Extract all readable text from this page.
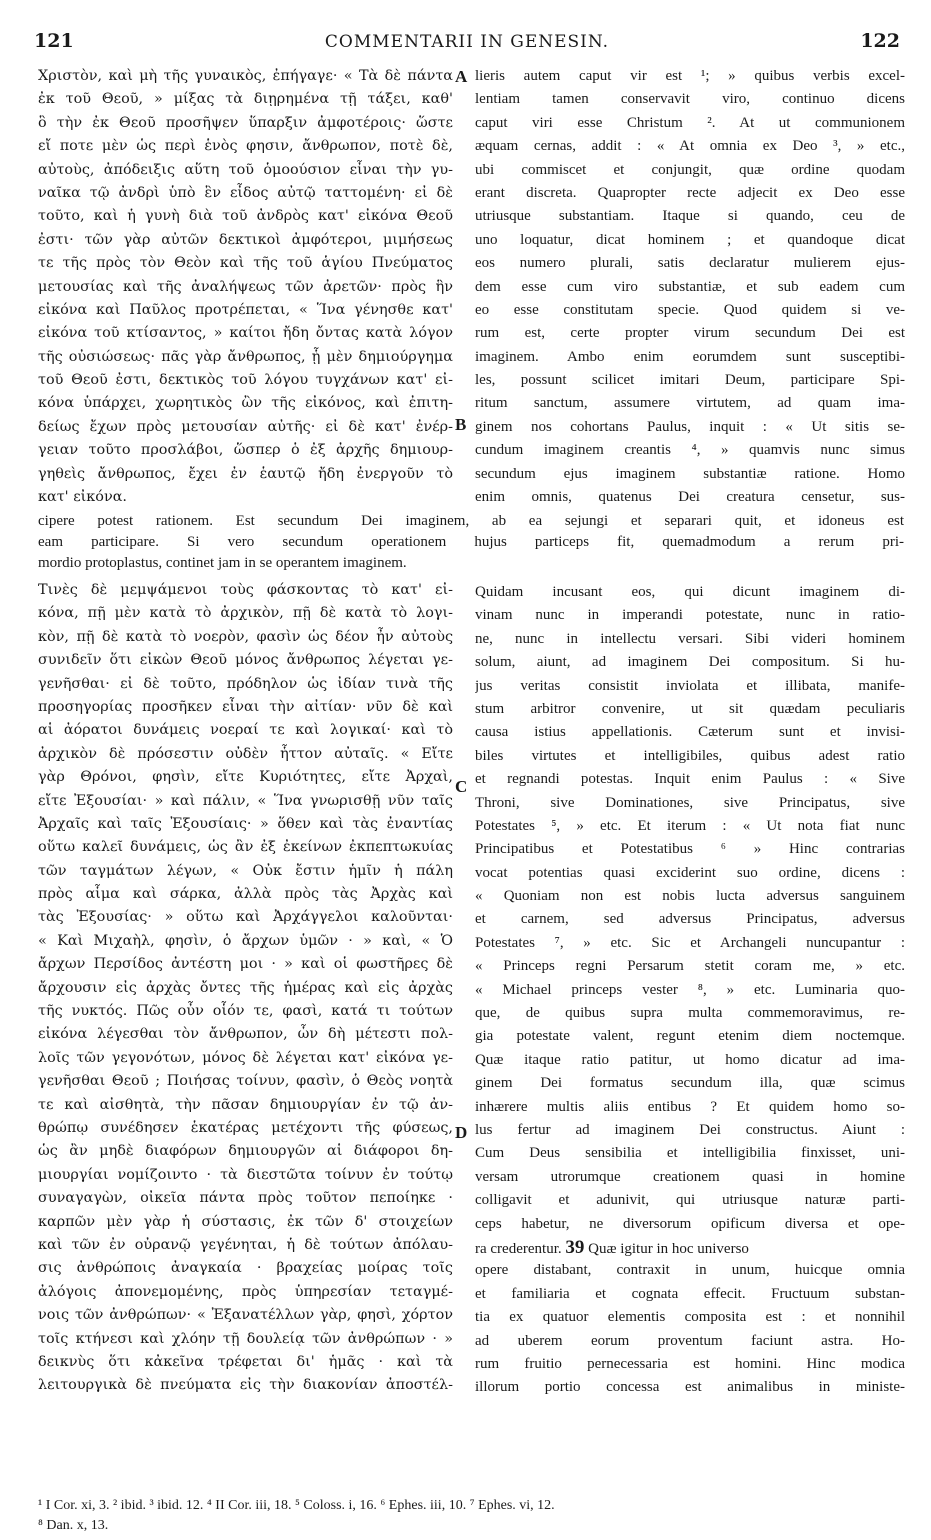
121	COMMENTARII IN GENESIN.	122
Χριστὸν, καὶ μὴ τῆς γυναικὸς, ἐπήγαγε· « Τὰ δὲ πάντα
ἐκ τοῦ Θεοῦ, » μίξας τὰ διῃρημένα τῇ τάξει, καθ'
ὃ τὴν ἐκ Θεοῦ προσῆψεν ὕπαρξιν ἀμφοτέροις· ὥστε
εἴ ποτε μὲν ὡς περὶ ἑνὸς φησιν, ἄνθρωπον, ποτὲ δὲ,
αὐτοὺς, ἀπόδειξις αὕτη τοῦ ὁμοούσιον εἶναι τὴν γυ-
ναῖκα τῷ ἀνδρὶ ὑπὸ ἓν εἶδος αὐτῷ ταττομένη· εἰ δὲ
τοῦτο, καὶ ἡ γυνὴ διὰ τοῦ ἀνδρὸς κατ' εἰκόνα Θεοῦ
ἐστι· τῶν γὰρ αὐτῶν δεκτικοὶ ἀμφότεροι, μιμήσεως
τε τῆς πρὸς τὸν Θεὸν καὶ τῆς τοῦ ἁγίου Πνεύματος
μετουσίας καὶ τῆς ἀναλήψεως τῶν ἀρετῶν· πρὸς ἣν
εἰκόνα καὶ Παῦλος προτρέπεται, « Ἵνα γένησθε κατ'
εἰκόνα τοῦ κτίσαντος, » καίτοι ἤδη ὄντας κατὰ λόγον
τῆς οὐσιώσεως· πᾶς γὰρ ἄνθρωπος, ᾗ μὲν δημιούργημα
τοῦ Θεοῦ ἐστι, δεκτικὸς τοῦ λόγου τυγχάνων κατ' εἰ-
κόνα ὑπάρχει, χωρητικὸς ὢν τῆς εἰκόνος, καὶ ἐπιτη-
δείως ἔχων πρὸς μετουσίαν αὐτῆς· εἰ δὲ κατ' ἐνέρ-
γειαν τοῦτο προσλάβοι, ὥσπερ ὁ ἐξ ἀρχῆς δημιουρ-
γηθεὶς ἄνθρωπος, ἔχει ἐν ἑαυτῷ ἤδη ἐνεργοῦν τὸ
κατ' εἰκόνα.
lieris autem caput vir est ¹; » quibus verbis excel-
lentiam tamen conservavit viro, continuo dicens
caput viri esse Christum ². At ut communionem
æquam cernas, addit : « At omnia ex Deo ³, » etc.,
ubi commiscet et conjungit, quæ ordine quodam
erant discreta. Quapropter recte adjecit ex Deo esse
utriusque substantiam. Itaque si quando, ceu de
uno loquatur, dicat hominem ; et quandoque dicat
eos numero plurali, satis declaratur mulierem ejus-
dem esse cum viro substantiæ, et sub eadem cum
eo esse constitutam specie. Quod quidem si ve-
rum est, certe propter virum secundum Dei est
imaginem. Ambo enim eorumdem sunt susceptibi-
les, possunt scilicet imitari Deum, participare Spi-
ritum sanctum, assumere virtutem, ad quam ima-
ginem nos cohortans Paulus, inquit : « Ut sitis se-
cundum imaginem creantis ⁴, » quamvis nunc simus
secundum ejus imaginem substantiæ ratione. Homo
enim omnis, quatenus Dei creatura censetur, sus-
A
B
C
D
cipere potest rationem. Est secundum Dei imaginem, ab ea sejungi et separari quit, et idoneus est
eam participare. Si vero secundum operationem hujus particeps fit, quemadmodum a rerum pri-
mordio protoplastus, continet jam in se operantem imaginem.
Τινὲς δὲ μεμψάμενοι τοὺς φάσκοντας τὸ κατ' εἰ-
κόνα, πῇ μὲν κατὰ τὸ ἀρχικὸν, πῇ δὲ κατὰ τὸ λογι-
κὸν, πῇ δὲ κατὰ τὸ νοερὸν, φασὶν ὡς δέον ἦν αὐτοὺς
συνιδεῖν ὅτι εἰκὼν Θεοῦ μόνος ἄνθρωπος λέγεται γε-
γενῆσθαι· εἰ δὲ τοῦτο, πρόδηλον ὡς ἰδίαν τινὰ τῆς
προσηγορίας προσῆκεν εἶναι τὴν αἰτίαν· νῦν δὲ καὶ
αἱ ἀόρατοι δυνάμεις νοεραί τε καὶ λογικαί· καὶ τὸ
ἀρχικὸν δὲ πρόσεστιν οὐδὲν ἧττον αὐταῖς. « Εἴτε
γὰρ Θρόνοι, φησὶν, εἴτε Κυριότητες, εἴτε Ἀρχαὶ,
εἴτε Ἐξουσίαι· » καὶ πάλιν, « Ἵνα γνωρισθῇ νῦν ταῖς
Ἀρχαῖς καὶ ταῖς Ἐξουσίαις· » ὅθεν καὶ τὰς ἐναντίας
οὕτω καλεῖ δυνάμεις, ὡς ἂν ἐξ ἐκείνων ἐκπεπτωκυίας
τῶν ταγμάτων λέγων, « Οὐκ ἔστιν ἡμῖν ἡ πάλη
πρὸς αἷμα καὶ σάρκα, ἀλλὰ πρὸς τὰς Ἀρχὰς καὶ
τὰς Ἐξουσίας· » οὕτω καὶ Ἀρχάγγελοι καλοῦνται·
« Καὶ Μιχαὴλ, φησὶν, ὁ ἄρχων ὑμῶν · » καὶ, « Ὁ
ἄρχων Περσίδος ἀντέστη μοι · » καὶ οἱ φωστῆρες δὲ
ἄρχουσιν εἰς ἀρχὰς ὄντες τῆς ἡμέρας καὶ εἰς ἀρχὰς
τῆς νυκτός. Πῶς οὖν οἷόν τε, φασὶ, κατά τι τούτων
εἰκόνα λέγεσθαι τὸν ἄνθρωπον, ὧν δὴ μέτεστι πολ-
λοῖς τῶν γεγονότων, μόνος δὲ λέγεται κατ' εἰκόνα γε-
γενῆσθαι Θεοῦ ; Ποιήσας τοίνυν, φασὶν, ὁ Θεὸς νοητὰ
τε καὶ αἰσθητὰ, τὴν πᾶσαν δημιουργίαν ἐν τῷ ἀν-
θρώπῳ συνέδησεν ἑκατέρας μετέχοντι τῆς φύσεως,
ὡς ἂν μηδὲ διαφόρων δημιουργῶν αἱ διάφοροι δη-
μιουργίαι νομίζοιντο · τὰ διεστῶτα τοίνυν ἐν τούτῳ
συναγαγὼν, οἰκεῖα πάντα πρὸς τοῦτον πεποίηκε ·
καρπῶν μὲν γὰρ ἡ σύστασις, ἐκ τῶν δ' στοιχείων
καὶ τῶν ἐν οὐρανῷ γεγένηται, ἡ δὲ τούτων ἀπόλαυ-
σις ἀνθρώποις ἀναγκαία · βραχείας μοίρας τοῖς
ἀλόγοις ἀπονεμομένης, πρὸς ὑπηρεσίαν τεταγμέ-
νοις τῶν ἀνθρώπων· « Ἐξανατέλλων γὰρ, φησὶ, χόρτον
τοῖς κτήνεσι καὶ χλόην τῇ δουλείᾳ τῶν ἀνθρώπων · »
δεικνὺς ὅτι κἀκεῖνα τρέφεται δι' ἡμᾶς · καὶ τὰ
λειτουργικὰ δὲ πνεύματα εἰς τὴν διακονίαν ἀποστέλ-
Quidam incusant eos, qui dicunt imaginem di-
vinam nunc in imperandi potestate, nunc in ratio-
ne, nunc in intellectu versari. Sibi videri hominem
solum, aiunt, ad imaginem Dei compositum. Si hu-
jus veritas consistit inviolata et illibata, manife-
stum arbitror convenire, ut sit quædam peculiaris
causa istius appellationis. Cæterum sunt et invisi-
biles virtutes et intelligibiles, quibus adest ratio
et regnandi potestas. Inquit enim Paulus : « Sive
Throni, sive Dominationes, sive Principatus, sive
Potestates ⁵, » etc. Et iterum : « Ut nota fiat nunc
Principatibus et Potestatibus ⁶ » Hinc contrarias
vocat potentias quasi exciderint suo ordine, dicens :
« Quoniam non est nobis lucta adversus sanguinem
et carnem, sed adversus Principatus, adversus
Potestates ⁷, » etc. Sic et Archangeli nuncupantur :
« Princeps regni Persarum stetit coram me, » etc.
« Michael princeps vester ⁸, » etc. Luminaria quo-
que, de quibus supra multa commemoravimus, re-
gia potestate valent, regunt etenim diem noctemque.
Quæ itaque ratio patitur, ut homo dicatur ad ima-
ginem Dei formatus secundum illa, quæ scimus
inhærere multis aliis entibus ? Et quidem homo so-
lus fertur ad imaginem Dei constructus. Aiunt :
Cum Deus sensibilia et intelligibilia finxisset, uni-
versam utrorumque creationem quasi in homine
colligavit et adunivit, qui utriusque naturæ parti-
ceps habetur, ne diversorum opificum diversa et ope-
ra crederentur. 39 Quæ igitur in hoc universo
opere distabant, contraxit in unum, huicque omnia
et familiaria et cognata effecit. Fructuum substan-
tia ex quatuor elementis composita est : et nonnihil
ad uberem eorum proventum faciunt astra. Ho-
rum fruitio pernecessaria est homini. Hinc modica
illorum portio concessa est animalibus in ministe-
¹ I Cor. xi, 3. ² ibid. ³ ibid. 12. ⁴ II Cor. iii, 18. ⁵ Coloss. i, 16. ⁶ Ephes. iii, 10. ⁷ Ephes. vi, 12.
⁸ Dan. x, 13.
